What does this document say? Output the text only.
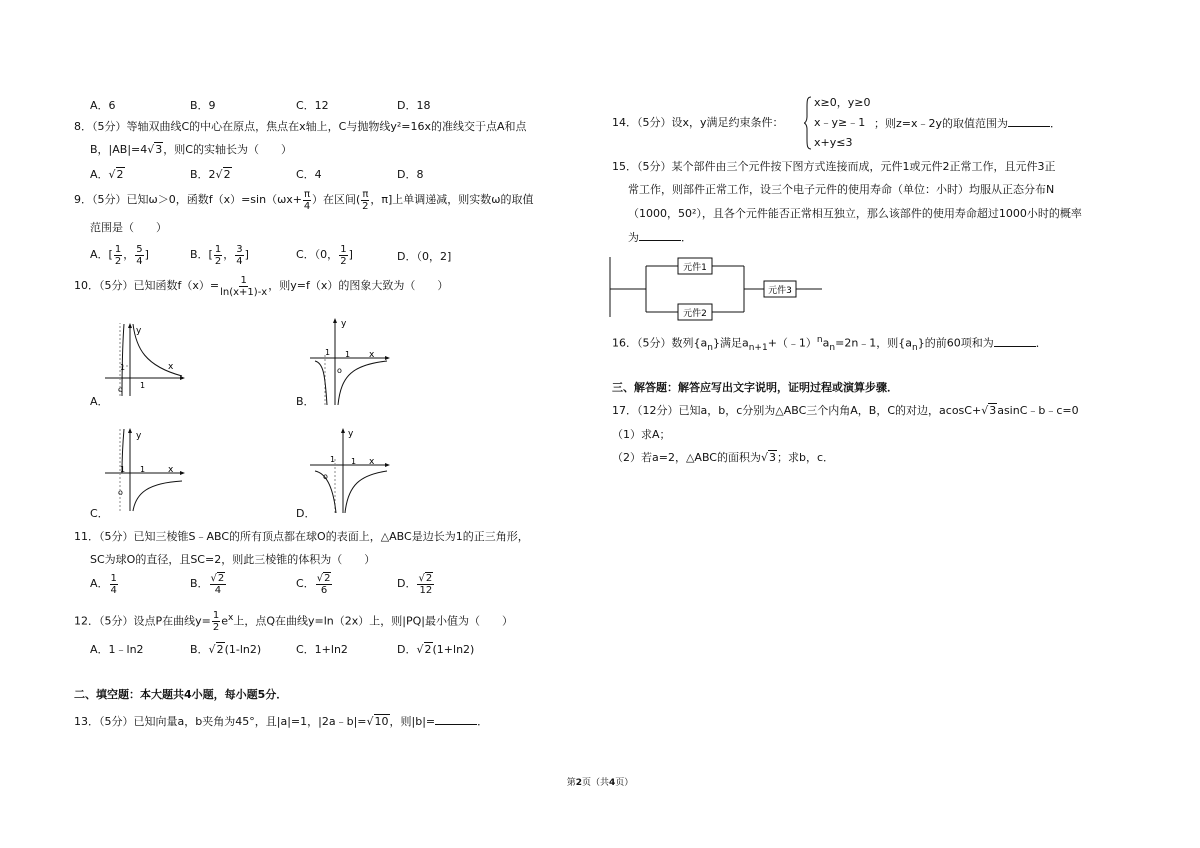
A．6	B．9	C．12	D．18
8．（5分）等轴双曲线C的中心在原点，焦点在x轴上，C与抛物线y²=16x的准线交于点A和点
B，|AB|=4√3，则C的实轴长为（　　）
A．√2	B．2√2	C．4	D．8
9．（5分）已知ω＞0，函数$f(x)=\sin(\omega x+ \frac{\pi}{4}$ ）在区间( $\frac{\pi}{2}$ ，π]上单调递减，则实数ω的取值
范围是（　　）
A．[ $\frac{1}{2}$ ， $\frac{5}{4}$ ]	B．[ $\frac{1}{2}$ ， $\frac{3}{4}$ ]	C．（0， $\frac{1}{2}$ ]	D．（0，2]
10．（5分）已知函数$f(x)= \frac{1}{\ln(x+1)-x}$ ，则y=f（x）的图象大致为（　　）
A．
y
x
1
1
o
B．
y
x
1 1
o
C．
y
x
1 1
o
D．
y
x
1 1
o
11．（5分）已知三棱锥S﹣ABC的所有顶点都在球O的表面上，△ABC是边长为1的正三角形，
SC为球O的直径，且SC=2，则此三棱锥的体积为（　　）
A． $\frac{1}{4}$	B． $\frac{√2}{4}$	C． $\frac{√2}{6}$	D． $\frac{√2}{12}$
12．（5分）设点P在曲线$y= \frac{1}{2} e^x$上，点Q在曲线y=ln（2x）上，则|PQ|最小值为（　　）
A．1﹣ln2	B．√2(1-ln2)	C．1+ln2	D．√2(1+ln2)
二、填空题：本大题共4小题，每小题5分．
13．（5分）已知向量a，b夹角为45°，且|a|=1，|2a﹣b|=√10，则|b|=	．
14．（5分）设x，y满足约束条件：
x≥0，y≥0
x﹣y≥﹣1
x+y≤3
；则z=x﹣2y的取值范围为	．
15．（5分）某个部件由三个元件按下图方式连接而成，元件1或元件2正常工作，且元件3正
常工作，则部件正常工作，设三个电子元件的使用寿命（单位：小时）均服从正态分布N
（1000，50²），且各个元件能否正常相互独立，那么该部件的使用寿命超过1000小时的概率
为	．
元件1
元件2
元件3
16．（5分）数列$\{a_n\}$满足$a_{n+1}+(﹣1)^na_n=2n﹣1$，则$\{a_n\}$的前60项和为	．
三、解答题：解答应写出文字说明，证明过程或演算步骤．
17．（12分）已知a，b，c分别为△ABC三个内角A，B，C的对边，acosC+√3asinC﹣b﹣c=0
（1）求A；
（2）若a=2，△ABC的面积为√3；求b，c．
第2页（共4页）
